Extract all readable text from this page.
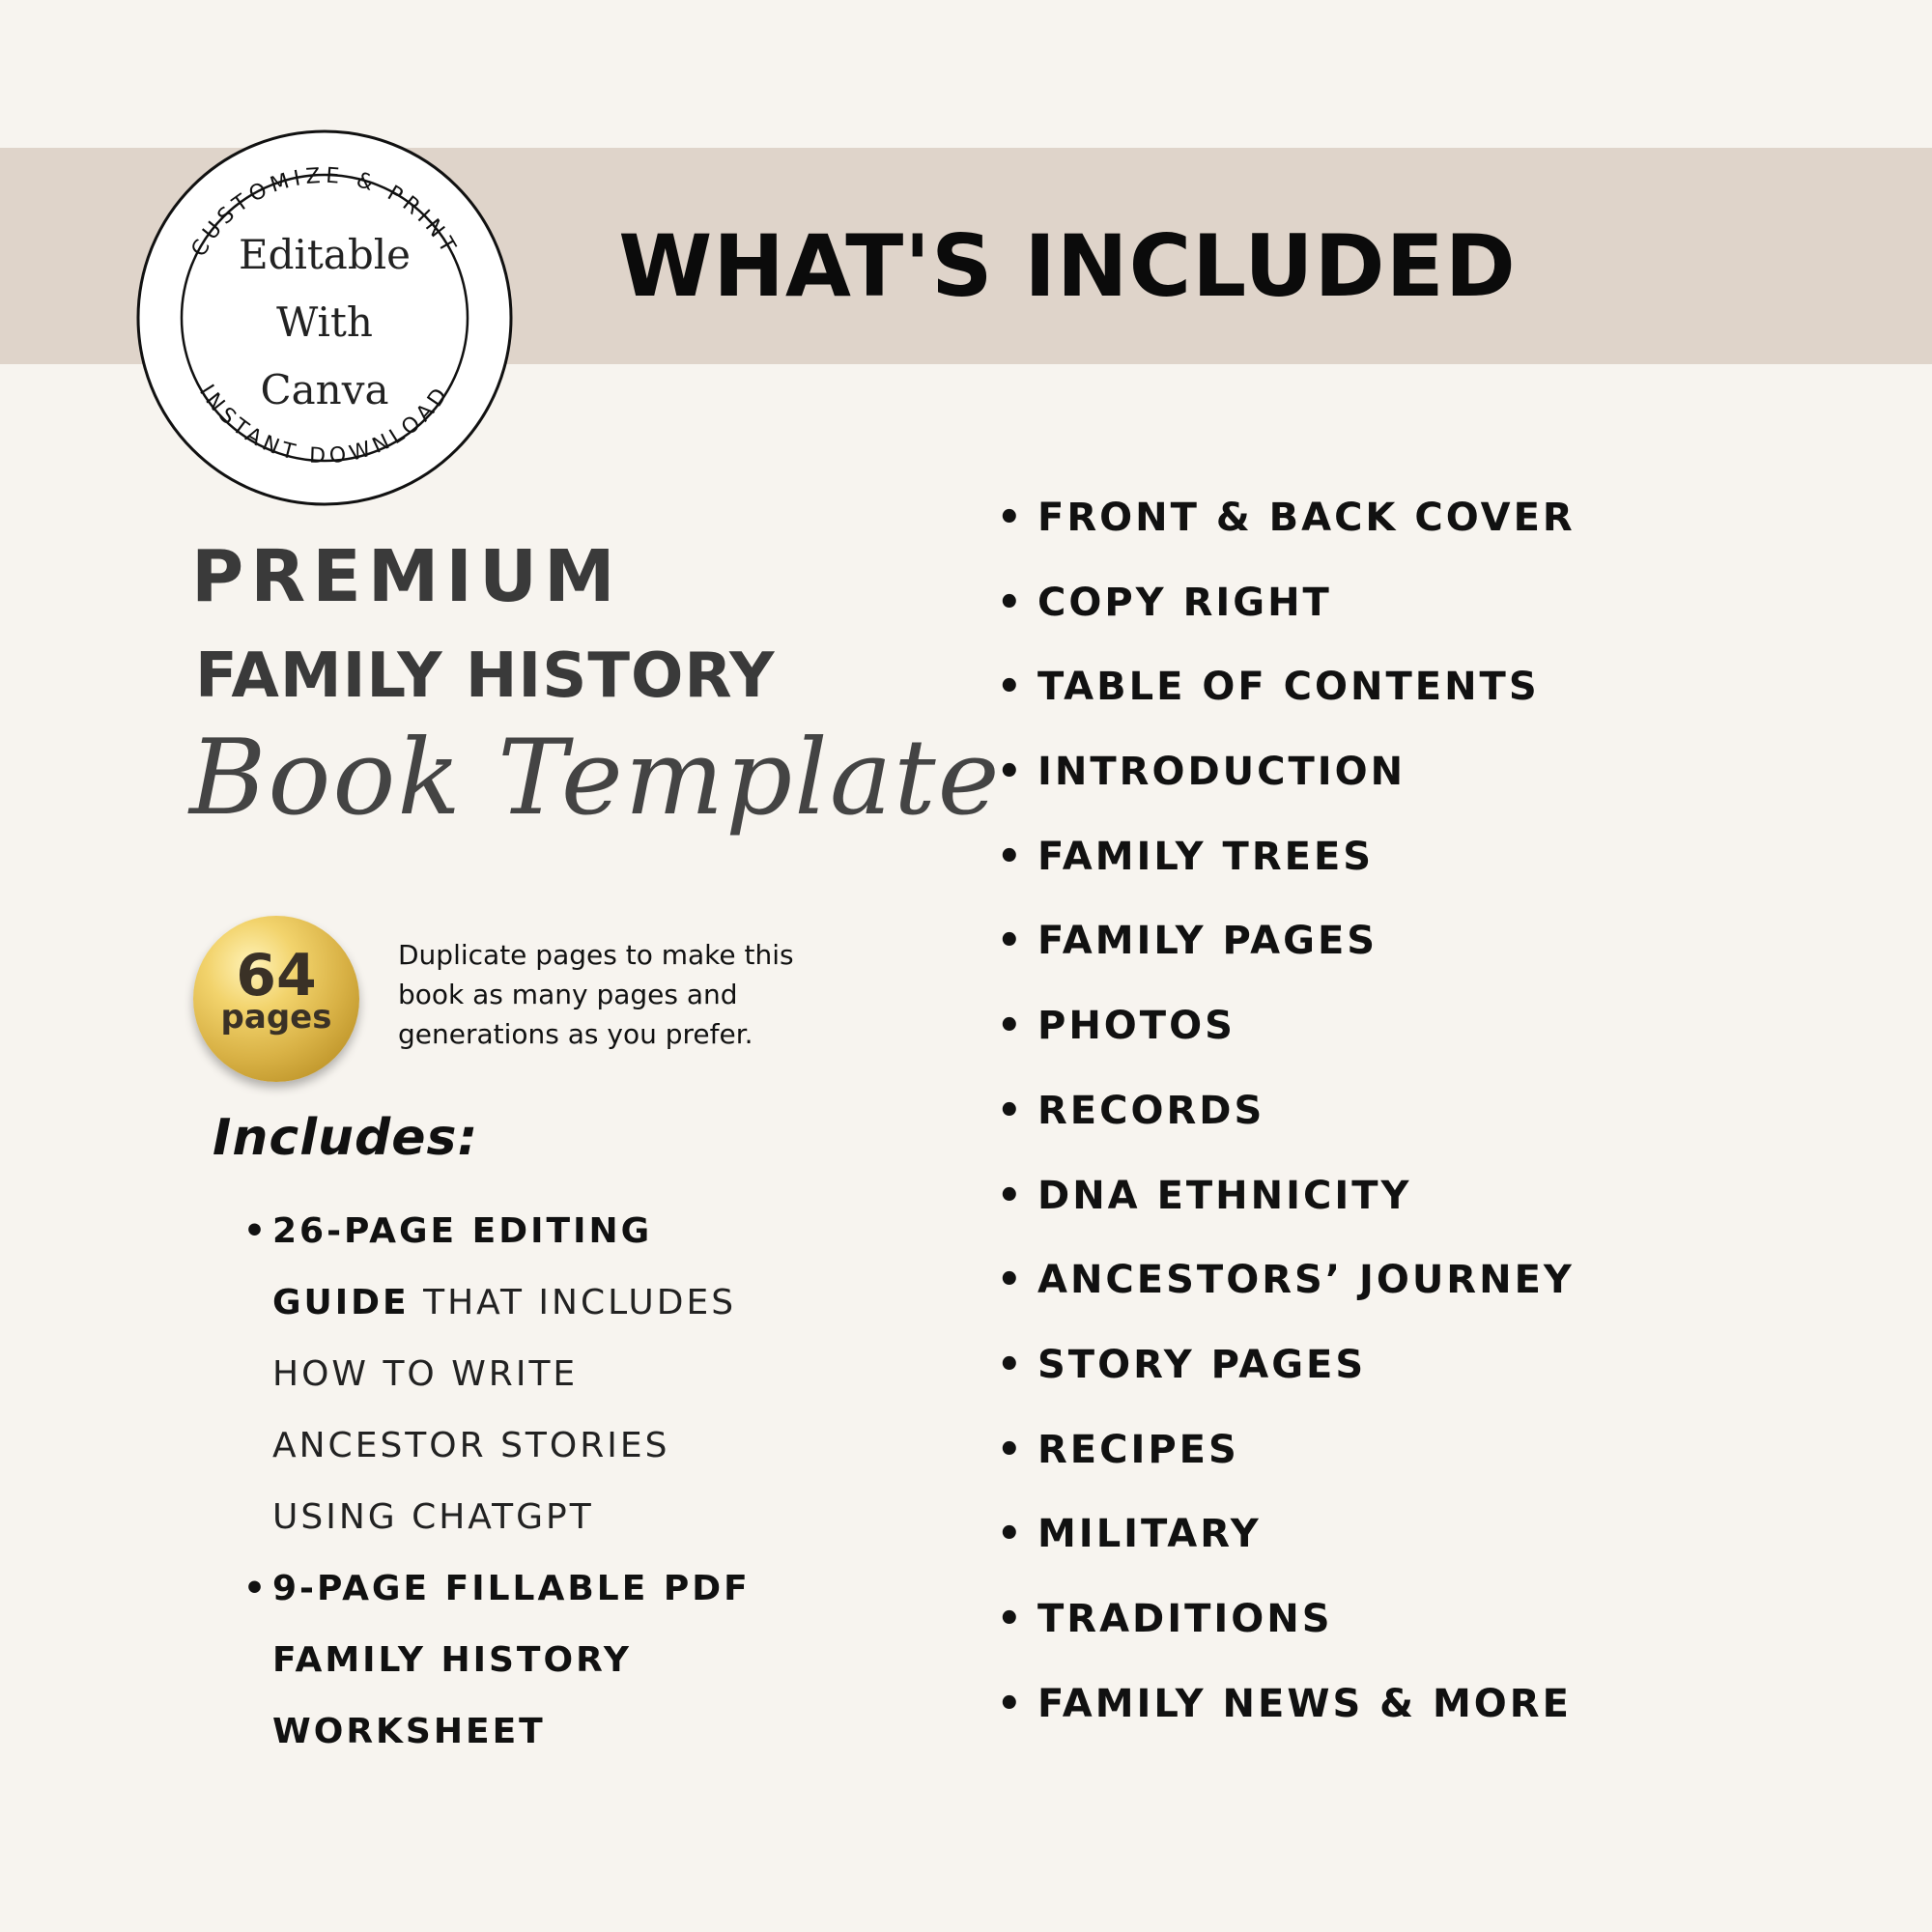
WHAT'S INCLUDED
CUSTOMIZE & PRINT
INSTANT DOWNLOAD
Editable
With
Canva
PREMIUM
FAMILY HISTORY
Book Template
64
pages
Duplicate pages to make this book as many pages and generations as you prefer.
Includes:
• 26-PAGE EDITING GUIDE THAT INCLUDES HOW TO WRITE ANCESTOR STORIES USING CHATGPT
• 9-PAGE FILLABLE PDF FAMILY HISTORY WORKSHEET
• FRONT & BACK COVER
• COPY RIGHT
• TABLE OF CONTENTS
• INTRODUCTION
• FAMILY TREES
• FAMILY PAGES
• PHOTOS
• RECORDS
• DNA ETHNICITY
• ANCESTORS’ JOURNEY
• STORY PAGES
• RECIPES
• MILITARY
• TRADITIONS
• FAMILY NEWS & MORE
